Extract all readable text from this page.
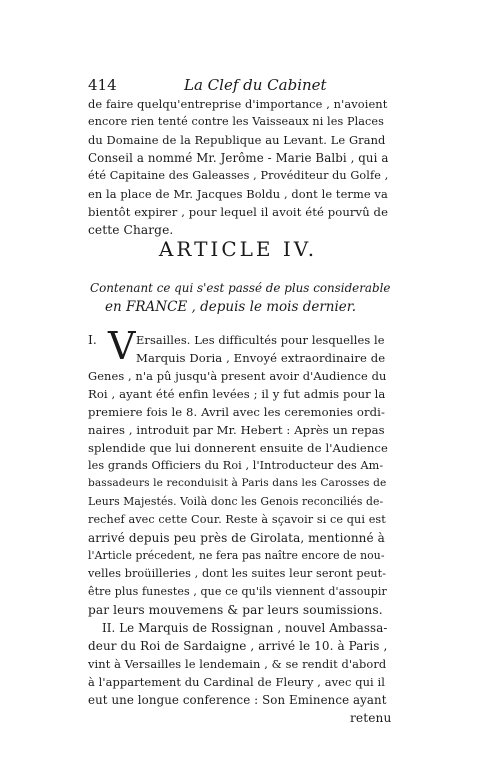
414	La Clef du Cabinet
de faire quelqu'entreprise d'importance , n'avoient
encore rien tenté contre les Vaisseaux ni les Places
du Domaine de la Republique au Levant. Le Grand
Conseil a nommé Mr. Jerôme - Marie Balbi , qui a
été Capitaine des Galeasses , Provéditeur du Golfe ,
en la place de Mr. Jacques Boldu , dont le terme va
bientôt expirer , pour lequel il avoit été pourvû de
cette Charge.
ARTICLE IV.
Contenant ce qui s'est passé de plus considerable
en FRANCE , depuis le mois dernier.
I. V Ersailles. Les difficultés pour lesquelles le
Marquis Doria , Envoyé extraordinaire de
Genes , n'a pû jusqu'à present avoir d'Audience du
Roi , ayant été enfin levées ; il y fut admis pour la
premiere fois le 8. Avril avec les ceremonies ordi-
naires , introduit par Mr. Hebert : Après un repas
splendide que lui donnerent ensuite de l'Audience
les grands Officiers du Roi , l'Introducteur des Am-
bassadeurs le reconduisit à Paris dans les Carosses de
Leurs Majestés. Voilà donc les Genois reconciliés de-
rechef avec cette Cour. Reste à sçavoir si ce qui est
arrivé depuis peu près de Girolata, mentionné à
l'Article précedent, ne fera pas naître encore de nou-
velles broüilleries , dont les suites leur seront peut-
être plus funestes , que ce qu'ils viennent d'assoupir
par leurs mouvemens & par leurs soumissions.
II. Le Marquis de Rossignan , nouvel Ambassa-
deur du Roi de Sardaigne , arrivé le 10. à Paris ,
vint à Versailles le lendemain , & se rendit d'abord
à l'appartement du Cardinal de Fleury , avec qui il
eut une longue conference : Son Eminence ayant
retenu
